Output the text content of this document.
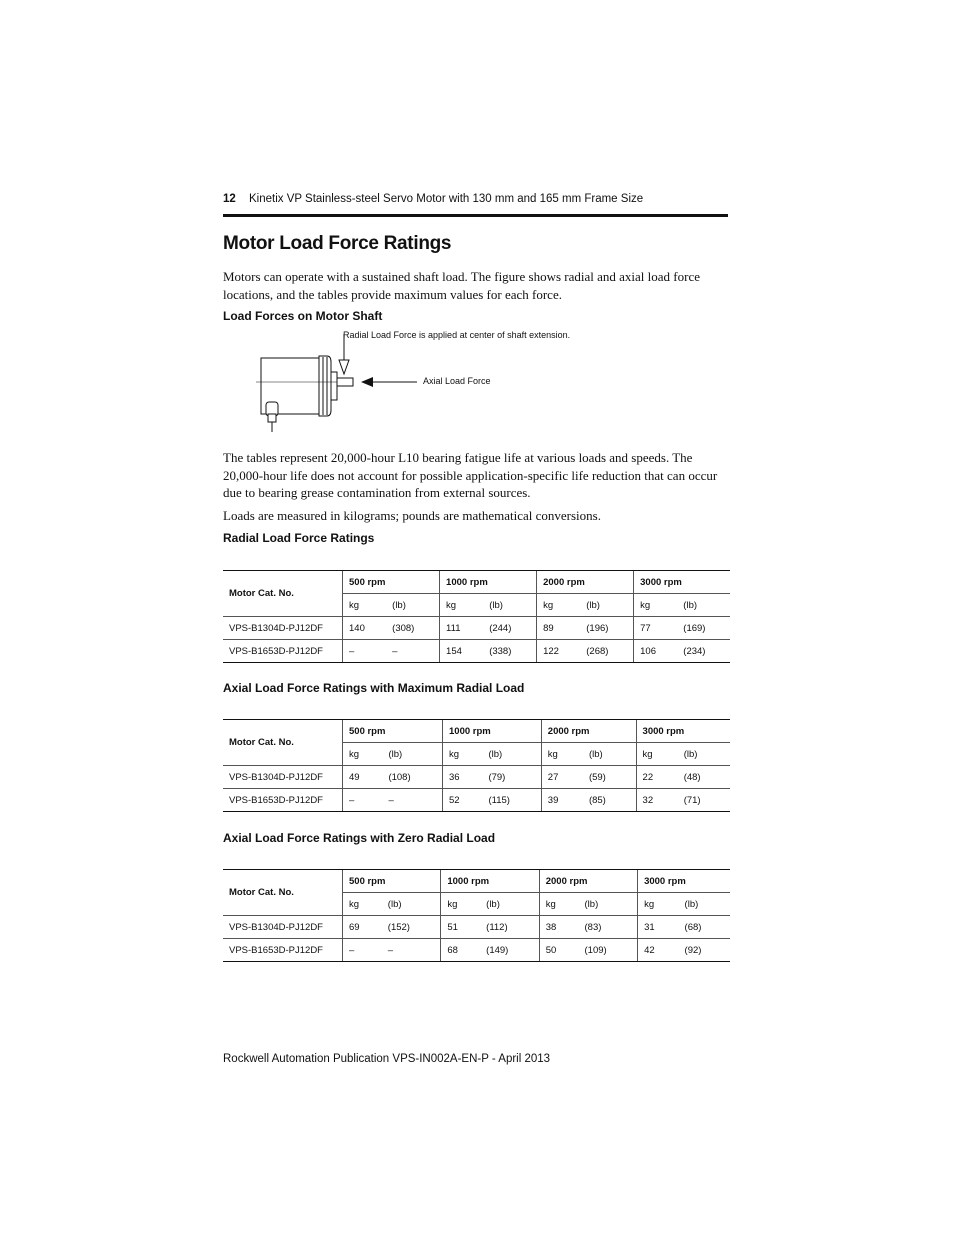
12 Kinetix VP Stainless-steel Servo Motor with 130 mm and 165 mm Frame Size
Motor Load Force Ratings

Motors can operate with a sustained shaft load. The figure shows radial and axial load force locations, and the tables provide maximum values for each force.

Load Forces on Motor Shaft
Radial Load Force is applied at center of shaft extension.
Axial Load Force

The tables represent 20,000-hour L10 bearing fatigue life at various loads and speeds. The 20,000-hour life does not account for possible application-specific life reduction that can occur due to bearing grease contamination from external sources.

Loads are measured in kilograms; pounds are mathematical conversions.

Radial Load Force Ratings
Motor Cat. No.	500 rpm		1000 rpm		2000 rpm		3000 rpm	
	kg	(lb)	kg	(lb)	kg	(lb)	kg	(lb)
VPS-B1304D-PJ12DF	140	(308)	111	(244)	89	(196)	77	(169)
VPS-B1653D-PJ12DF	–	–	154	(338)	122	(268)	106	(234)
Axial Load Force Ratings with Maximum Radial Load
Motor Cat. No.	500 rpm		1000 rpm		2000 rpm		3000 rpm	
	kg	(lb)	kg	(lb)	kg	(lb)	kg	(lb)
VPS-B1304D-PJ12DF	49	(108)	36	(79)	27	(59)	22	(48)
VPS-B1653D-PJ12DF	–	–	52	(115)	39	(85)	32	(71)
Axial Load Force Ratings with Zero Radial Load
Motor Cat. No.	500 rpm		1000 rpm		2000 rpm		3000 rpm	
	kg	(lb)	kg	(lb)	kg	(lb)	kg	(lb)
VPS-B1304D-PJ12DF	69	(152)	51	(112)	38	(83)	31	(68)
VPS-B1653D-PJ12DF	–	–	68	(149)	50	(109)	42	(92)
Rockwell Automation Publication VPS-IN002A-EN-P - April 2013
